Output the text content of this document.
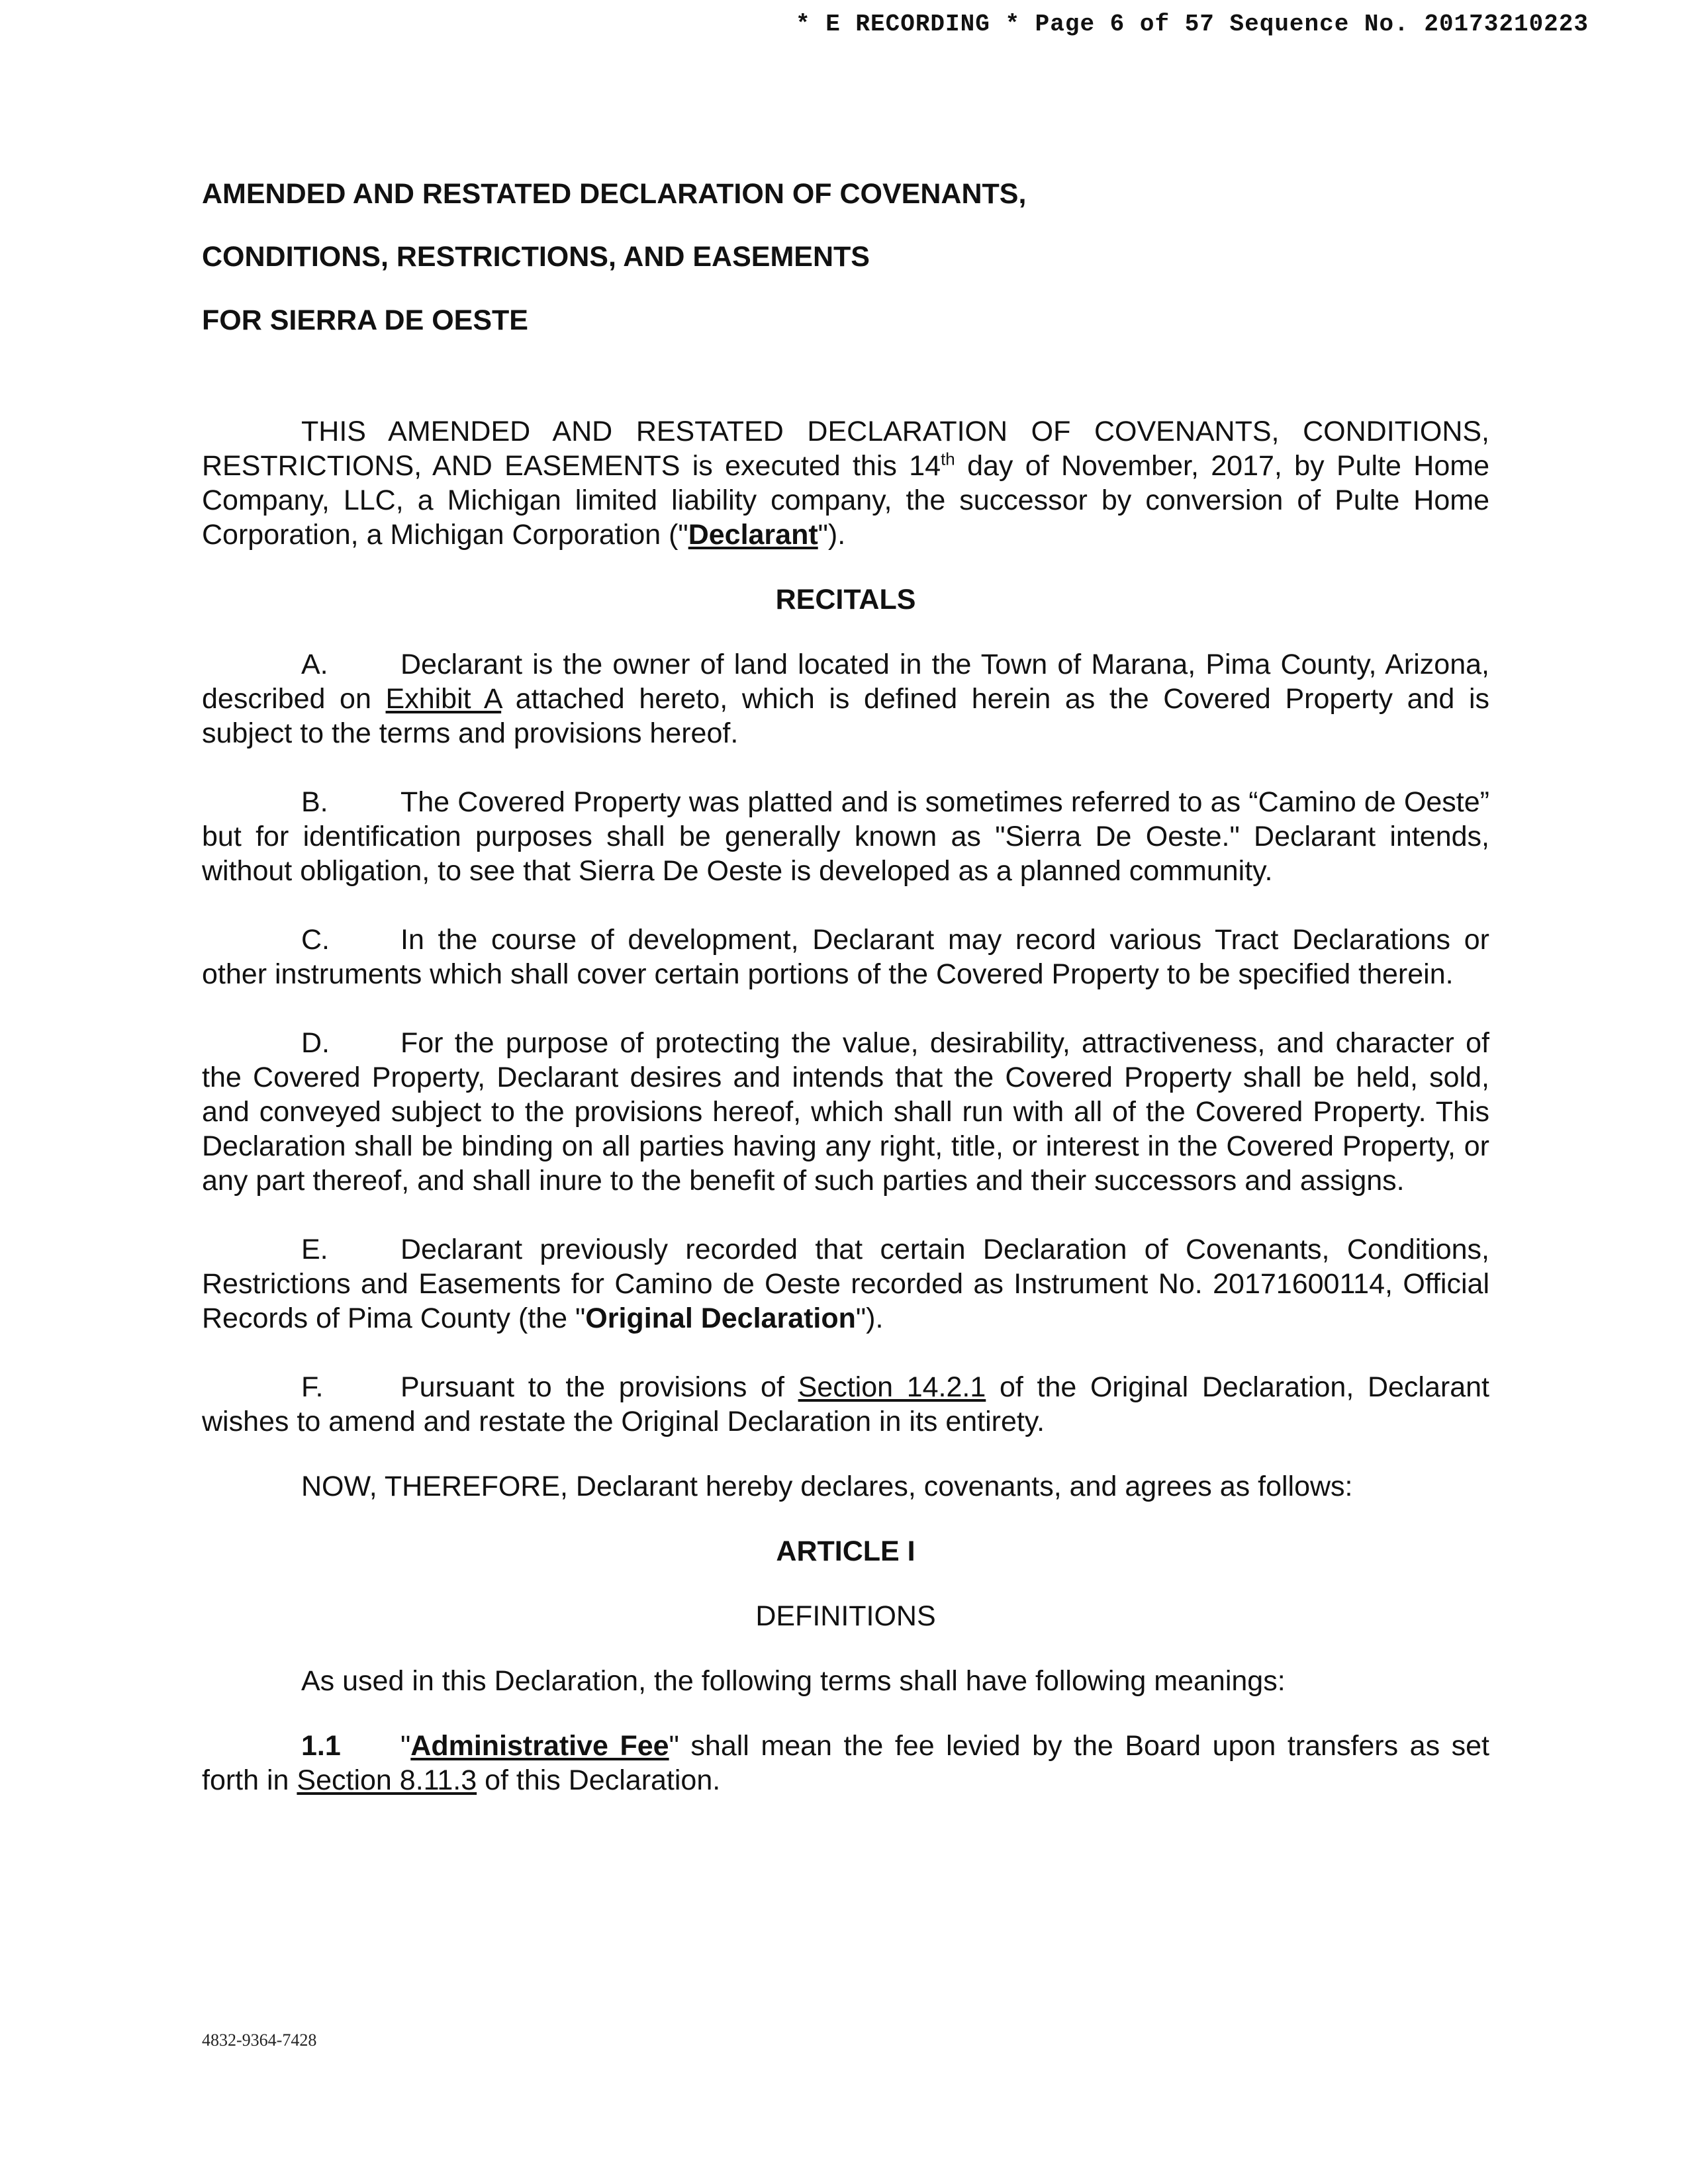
* E RECORDING * Page 6 of 57 Sequence No. 20173210223

AMENDED AND RESTATED DECLARATION OF COVENANTS,

CONDITIONS, RESTRICTIONS, AND EASEMENTS

FOR SIERRA DE OESTE

THIS AMENDED AND RESTATED DECLARATION OF COVENANTS, CONDITIONS, RESTRICTIONS, AND EASEMENTS is executed this 14th day of November, 2017, by Pulte Home Company, LLC, a Michigan limited liability company, the successor by conversion of Pulte Home Corporation, a Michigan Corporation ("Declarant").

RECITALS

A.	Declarant is the owner of land located in the Town of Marana, Pima County, Arizona, described on Exhibit A attached hereto, which is defined herein as the Covered Property and is subject to the terms and provisions hereof.

B.	The Covered Property was platted and is sometimes referred to as “Camino de Oeste” but for identification purposes shall be generally known as "Sierra De Oeste." Declarant intends, without obligation, to see that Sierra De Oeste is developed as a planned community.

C. In the course of development, Declarant may record various Tract Declarations or other instruments which shall cover certain portions of the Covered Property to be specified therein.

D. For the purpose of protecting the value, desirability, attractiveness, and character of the Covered Property, Declarant desires and intends that the Covered Property shall be held, sold, and conveyed subject to the provisions hereof, which shall run with all of the Covered Property. This Declaration shall be binding on all parties having any right, title, or interest in the Covered Property, or any part thereof, and shall inure to the benefit of such parties and their successors and assigns.

E.	Declarant previously recorded that certain Declaration of Covenants, Conditions, Restrictions and Easements for Camino de Oeste recorded as Instrument No. 20171600114, Official Records of Pima County (the "Original Declaration").

F.	Pursuant to the provisions of Section 14.2.1 of the Original Declaration, Declarant wishes to amend and restate the Original Declaration in its entirety.

NOW, THEREFORE, Declarant hereby declares, covenants, and agrees as follows:

ARTICLE I

DEFINITIONS

As used in this Declaration, the following terms shall have following meanings:

1.1 "Administrative Fee" shall mean the fee levied by the Board upon transfers as set forth in Section 8.11.3 of this Declaration.

4832-9364-7428
